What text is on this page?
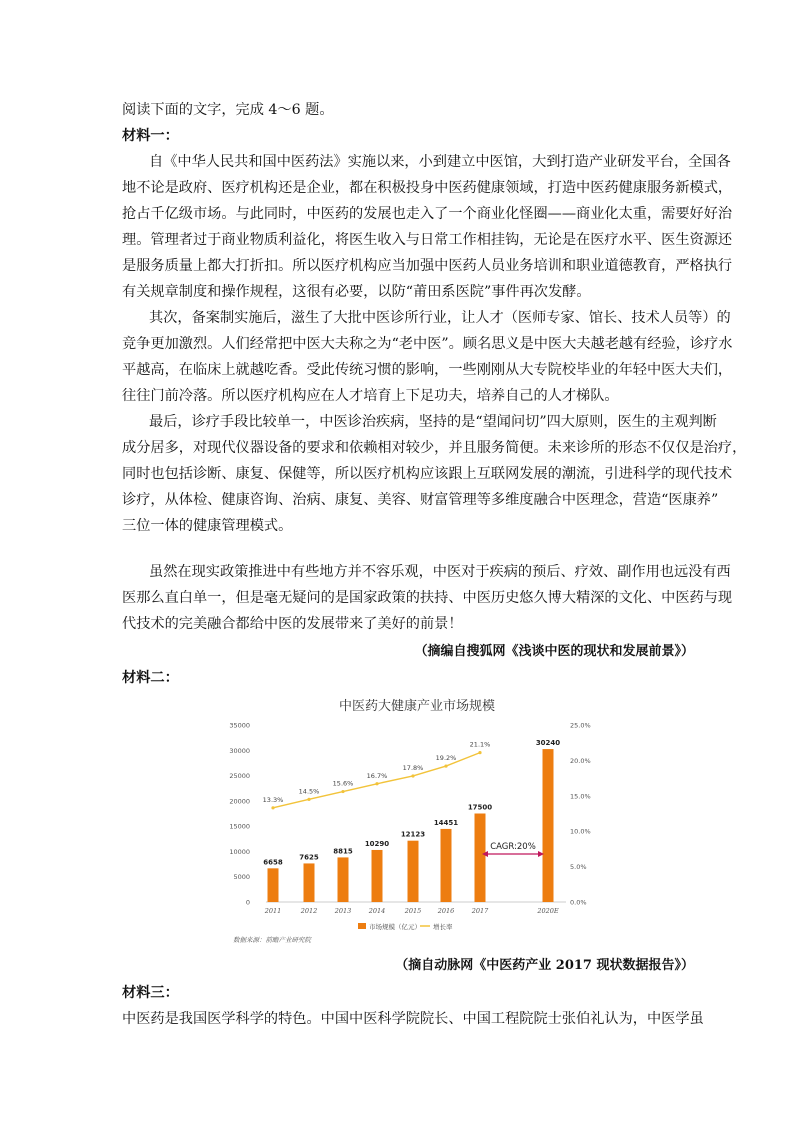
阅读下面的文字，完成 4～6 题。
材料一：
自《中华人民共和国中医药法》实施以来，小到建立中医馆，大到打造产业研发平台，全国各
地不论是政府、医疗机构还是企业，都在积极投身中医药健康领域，打造中医药健康服务新模式，
抢占千亿级市场。与此同时，中医药的发展也走入了一个商业化怪圈——商业化太重，需要好好治
理。管理者过于商业物质利益化，将医生收入与日常工作相挂钩，无论是在医疗水平、医生资源还
是服务质量上都大打折扣。所以医疗机构应当加强中医药人员业务培训和职业道德教育，严格执行
有关规章制度和操作规程，这很有必要，以防“莆田系医院”事件再次发酵。
其次，备案制实施后，滋生了大批中医诊所行业，让人才（医师专家、馆长、技术人员等）的
竞争更加激烈。人们经常把中医大夫称之为“老中医”。顾名思义是中医大夫越老越有经验，诊疗水
平越高，在临床上就越吃香。受此传统习惯的影响，一些刚刚从大专院校毕业的年轻中医大夫们，
往往门前冷落。所以医疗机构应在人才培育上下足功夫，培养自己的人才梯队。
最后，诊疗手段比较单一，中医诊治疾病，坚持的是“望闻问切”四大原则，医生的主观判断
成分居多，对现代仪器设备的要求和依赖相对较少，并且服务简便。未来诊所的形态不仅仅是治疗，
同时也包括诊断、康复、保健等，所以医疗机构应该跟上互联网发展的潮流，引进科学的现代技术
诊疗，从体检、健康咨询、治病、康复、美容、财富管理等多维度融合中医理念，营造“医康养”
三位一体的健康管理模式。
虽然在现实政策推进中有些地方并不容乐观，中医对于疾病的预后、疗效、副作用也远没有西
医那么直白单一，但是毫无疑问的是国家政策的扶持、中医历史悠久博大精深的文化、中医药与现
代技术的完美融合都给中医的发展带来了美好的前景！
（摘编自搜狐网《浅谈中医的现状和发展前景》）
材料二：
中医药大健康产业市场规模
0
5000
10000
15000
20000
25000
30000
35000
0.0%
5.0%
10.0%
15.0%
20.0%
25.0%
6658
7625
8815
10290
12123
14451
17500
30240
13.3%
14.5%
15.6%
16.7%
17.8%
19.2%
21.1%
2011	2012	2013	2014	2015	2016	2017	2020E
CAGR:20%
市场规模（亿元） 增长率
数据来源：前瞻产业研究院
（摘自动脉网《中医药产业 2017 现状数据报告》）
材料三：
中医药是我国医学科学的特色。中国中医科学院院长、中国工程院院士张伯礼认为，中医学虽
